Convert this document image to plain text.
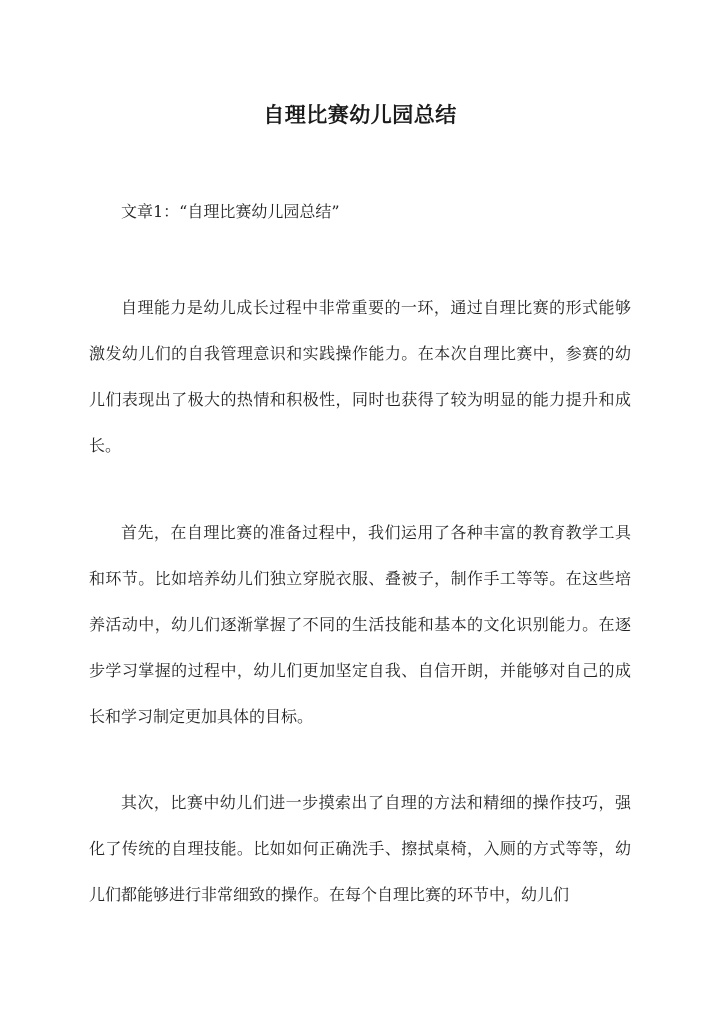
自理比赛幼儿园总结

文章1：“自理比赛幼儿园总结”

自理能力是幼儿成长过程中非常重要的一环，通过自理比赛的形式能够激发幼儿们的自我管理意识和实践操作能力。在本次自理比赛中，参赛的幼儿们表现出了极大的热情和积极性，同时也获得了较为明显的能力提升和成长。

首先，在自理比赛的准备过程中，我们运用了各种丰富的教育教学工具和环节。比如培养幼儿们独立穿脱衣服、叠被子，制作手工等等。在这些培养活动中，幼儿们逐渐掌握了不同的生活技能和基本的文化识别能力。在逐步学习掌握的过程中，幼儿们更加坚定自我、自信开朗，并能够对自己的成长和学习制定更加具体的目标。

其次，比赛中幼儿们进一步摸索出了自理的方法和精细的操作技巧，强化了传统的自理技能。比如如何正确洗手、擦拭桌椅，入厕的方式等等，幼儿们都能够进行非常细致的操作。在每个自理比赛的环节中，幼儿们
